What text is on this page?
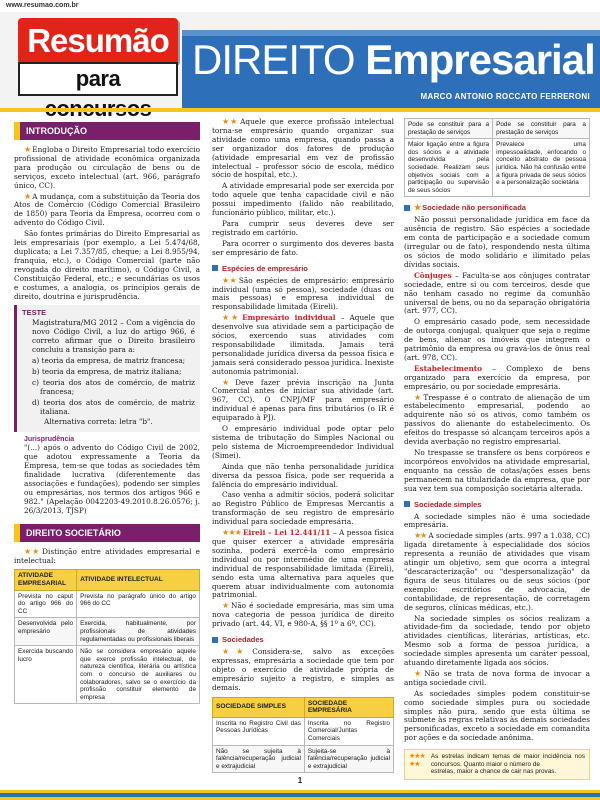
www.resumao.com.br
Resumão
para	DIREITO Empresarial
MARCO ANTONIO ROCCATO FERRERONI
INTRODUÇÃO

★ Engloba o Direito Empresarial todo exercício profissional de atividade econômica organizada para produção ou circulação de bens ou de serviços, exceto intelectual (art. 966, parágrafo único, CC).

★ A mudança, com a substituição da Teoria dos Atos de Comércio (Código Comercial Brasileiro de 1850) para Teoria da Empresa, ocorreu com o advento do Código Civil.

São fontes primárias do Direito Empresarial as leis empresariais (por exemplo, a Lei 5.474/68, duplicata; a Lei 7.357/85, cheque; a Lei 8.955/94, franquia, etc.), o Código Comercial (parte não revogada do direito marítimo), o Código Civil, a Constituição Federal, etc.; e secundárias os usos e costumes, a analogia, os princípios gerais de direito, doutrina e jurisprudência.

TESTE

Magistratura/MG 2012 – Com a vigência do novo Código Civil, a luz do artigo 966, é correto afirmar que o Direito brasileiro concluiu a transição para a:

a) teoria da empresa, de matriz francesa;

b) teoria da empresa, de matriz italiana;

c) teoria dos atos de comércio, de matriz francesa;

d) teoria dos atos de comércio, de matriz italiana.

Alternativa correta: letra "b".

Jurisprudência

"(...) após o advento do Código Civil de 2002, que adotou expressamente a Teoria da Empresa, tem-se que todas as sociedades têm finalidade lucrativa (diferentemente das associações e fundações), podendo ser simples ou empresárias, nos termos dos artigos 966 e 982." (Apelação 0042203-49.2010.8.26.0576; j. 26/3/2013, TJSP)

DIREITO SOCIETÁRIO

★★ Distinção entre atividades empresarial e intelectual:

ATIVIDADE EMPRESARIAL	ATIVIDADE INTELECTUAL
Prevista no caput do artigo 966 do CC	Prevista no parágrafo único do artigo 966 do CC
Desenvolvida pelo empresário	Exercida, habitualmente, por profissionais de atividades regulamentadas ou profissionais liberais
Exercida buscando lucro	Não se considera empresário aquele que exerce profissão intelectual, de natureza científica, literária ou artística com o concurso de auxiliares ou colaboradores, salvo se o exercício da profissão constituir elemento de empresa

★★ Aquele que exerce profissão intelectual torna-se empresário quando organizar sua atividade como uma empresa, quando passa a ser organizador dos fatores de produção (atividade empresarial em vez de profissão intelectual – professor sócio de escola, médico sócio de hospital, etc.).

A atividade empresarial pode ser exercida por todo aquele que tenha capacidade civil e não possui impedimento (falido não reabilitado, funcionário público, militar, etc.).

Para cumprir seus deveres deve ser registrado em cartório.

Para ocorrer o surgimento dos deveres basta ser empresário de fato.

Espécies de empresário

★★ São espécies de empresário: empresário individual (uma só pessoa), sociedade (duas ou mais pessoas) e empresa individual de responsabilidade limitada (Eireli).

★★ Empresário individual – Aquele que desenvolve sua atividade sem a participação de sócios, exercendo suas atividades com responsabilidade ilimitada. Jamais terá personalidade jurídica diversa da pessoa física e jamais será considerado pessoa jurídica. Inexiste autonomia patrimonial.

★ Deve fazer prévia inscrição na Junta Comercial antes de iniciar sua atividade (art. 967, CC). O CNPJ/MF para empresário individual é apenas para fins tributários (o IR é equiparado à PJ).

O empresário individual pode optar pelo sistema de tributação do Simples Nacional ou pelo sistema de Microempreendedor Individual (Simei).

Ainda que não tenha personalidade jurídica diversa da pessoa física, pode ser requerida a falência do empresário individual.

Caso venha a admitir sócios, poderá solicitar ao Registro Público de Empresas Mercantis a transformação de seu registro de empresário individual para sociedade empresária.

★★★ Eireli – Lei 12.441/11 – A pessoa física que quiser exercer a atividade empresária sozinha, poderá exercê-la como empresário individual ou por intermédio de uma empresa individual de responsabilidade limitada (Eireli), sendo esta uma alternativa para aqueles que querem atuar individualmente com autonomia patrimonial.

★ Não é sociedade empresária, mas sim uma nova categoria de pessoa jurídica de direito privado (art. 44, VI, e 980-A, §§ 1º a 6º, CC).

Sociedades

★★ Considera-se, salvo as exceções expressas, empresária a sociedade que tem por objeto o exercício de atividade própria de empresário sujeito a registro, e simples as demais.

SOCIEDADE SIMPLES	SOCIEDADE EMPRESÁRIA
Inscrita no Registro Civil das Pessoas Jurídicas	Inscrita no Registro Comercial/Juntas Comerciais
Não se sujeita à falência/recuperação judicial e extrajudicial	Sujeita-se à falência/recuperação judicial e extrajudicial
Pode se constituir para a prestação de serviços	Pode se constituir para a prestação de serviços
Maior ligação entre a figura dos sócios e a atividade desenvolvida pela sociedade. Realizam seus objetivos sociais com a participação ou supervisão de seus sócios	Prevalece uma impessoalidade, enfocando o conceito abstrato de pessoa jurídica. Não há confusão entre a figura privada de seus sócios e a personalização societária
★ Sociedade não personificada

Não possui personalidade jurídica em face da ausência de registro. São espécies a sociedade em conta de participação e a sociedade comum (irregular ou de fato), respondendo nesta última os sócios de modo solidário e ilimitado pelas dívidas sociais.

Cônjuges – Faculta-se aos cônjuges contratar sociedade, entre si ou com terceiros, desde que não tenham casado no regime da comunhão universal de bens, ou no da separação obrigatória (art. 977, CC).

O empresário casado pode, sem necessidade de outorga conjugal, qualquer que seja o regime de bens, alienar os imóveis que integrem o patrimônio da empresa ou gravá-los de ônus real (art. 978, CC).

Estabelecimento – Complexo de bens organizado para exercício da empresa, por empresário, ou por sociedade empresária.

★ Trespasse é o contrato de alienação de um estabelecimento empresarial, podendo ao adquirente não só os ativos, como também os passivos do alienante do estabelecimento. Os efeitos do trespasse só alcançam terceiros após a devida averbação no registro empresarial.

No trespasse se transfere os bens corpóreos e incorpóreos envolvidos na atividade empresarial, enquanto na cessão de cotas/ações esses bens permanecem na titularidade da empresa, que por sua vez tem sua composição societária alterada.

Sociedade simples

A sociedade simples não é uma sociedade empresária.

★★ A sociedade simples (arts. 997 a 1.038, CC) ligada diretamente à especialidade dos sócios representa a reunião de atividades que visam atingir um objetivo, sem que ocorra a integral "descaracterização" ou "despersonalização" da figura de seus titulares ou de seus sócios (por exemplo: escritórios de advocacia, de contabilidade, de representação, de corretagem de seguros, clínicas médicas, etc.).

Na sociedade simples os sócios realizam a atividade-fim da sociedade, tendo por objeto atividades científicas, literárias, artísticas, etc. Mesmo sob a forma de pessoa jurídica, a sociedade simples apresenta um caráter pessoal, atuando diretamente ligada aos sócios.

★ Não se trata de nova forma de invocar a antiga sociedade civil.

As sociedades simples podem constituir-se como sociedade simples pura ou sociedade simples não pura, sendo que esta última se submete às regras relativas às demais sociedades personificadas, exceto a sociedade em comandita por ações e da sociedade anônima.

★★★
★★
As estrelas indicam temas de maior incidência nos concursos. Quanto maior o número de
estrelas, maior a chance de cair nas provas.
1
